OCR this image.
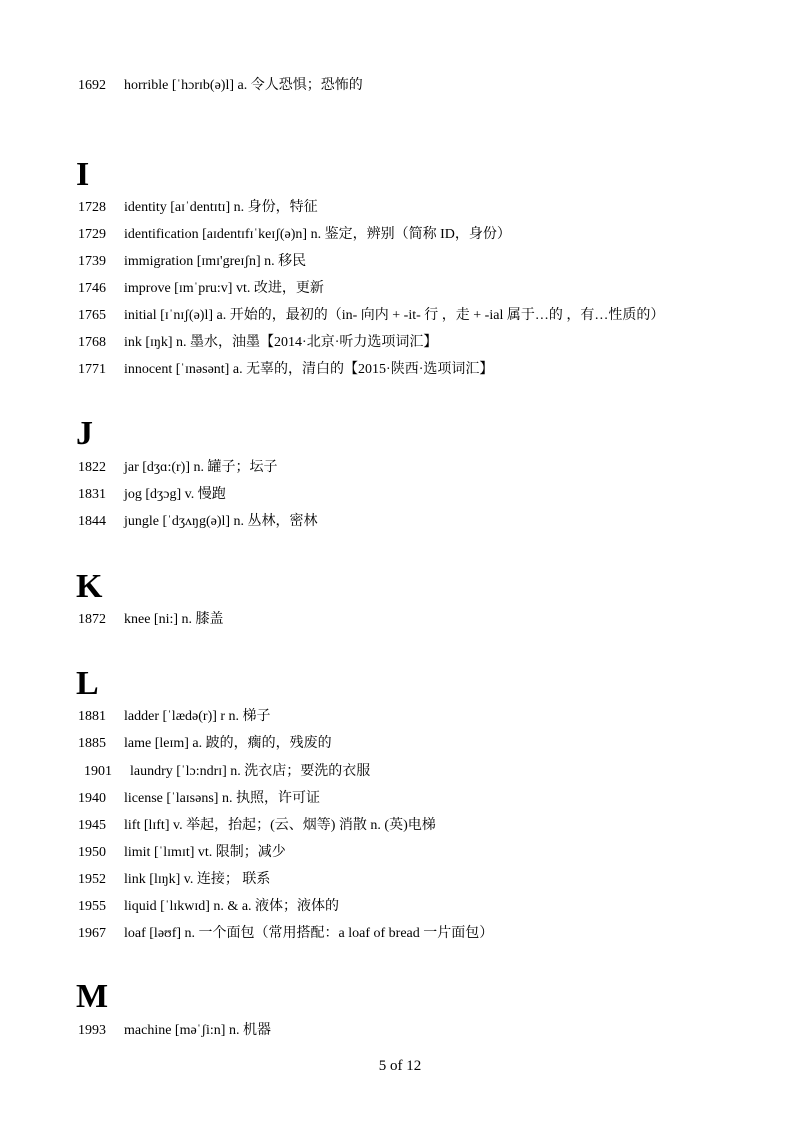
1692 horrible [ˈhɔrɪb(ə)l] a. 令人恐惧；恐怖的
I
1728 identity [aɪˈdentɪtɪ] n. 身份，特征
1729 identification [aɪdentɪfɪˈkeɪʃ(ə)n] n. 鉴定，辨别（简称 ID，身份）
1739 immigration [ɪmɪ'greɪʃn] n. 移民
1746 improve [ɪmˈpru:v] vt. 改进，更新
1765 initial [ɪˈnɪʃ(ə)l] a. 开始的，最初的（in- 向内 + -it- 行 ，走 + -ial 属于…的 ，有…性质的）
1768 ink [ɪŋk] n. 墨水，油墨【2014·北京·听力选项词汇】
1771 innocent [ˈɪnəsənt] a. 无辜的，清白的【2015·陕西·选项词汇】
J
1822 jar [dʒɑ:(r)] n. 罐子；坛子
1831 jog [dʒɔg] v. 慢跑
1844 jungle [ˈdʒʌŋg(ə)l] n. 丛林，密林
K
1872 knee [ni:] n. 膝盖
L
1881 ladder [ˈlædə(r)] r n. 梯子
1885 lame [leɪm] a. 跛的，瘸的，残废的
1901 laundry [ˈlɔ:ndrɪ] n. 洗衣店；要洗的衣服
1940 license [ˈlaɪsəns] n. 执照，许可证
1945 lift [lɪft] v. 举起，抬起；(云、烟等) 消散 n. (英)电梯
1950 limit [ˈlɪmɪt] vt. 限制；减少
1952 link [lɪŋk] v. 连接； 联系
1955 liquid [ˈlɪkwɪd] n. & a. 液体；液体的
1967 loaf [ləʊf] n. 一个面包（常用搭配：a loaf of bread 一片面包）
M
1993 machine [məˈʃi:n] n. 机器
5 of 12
